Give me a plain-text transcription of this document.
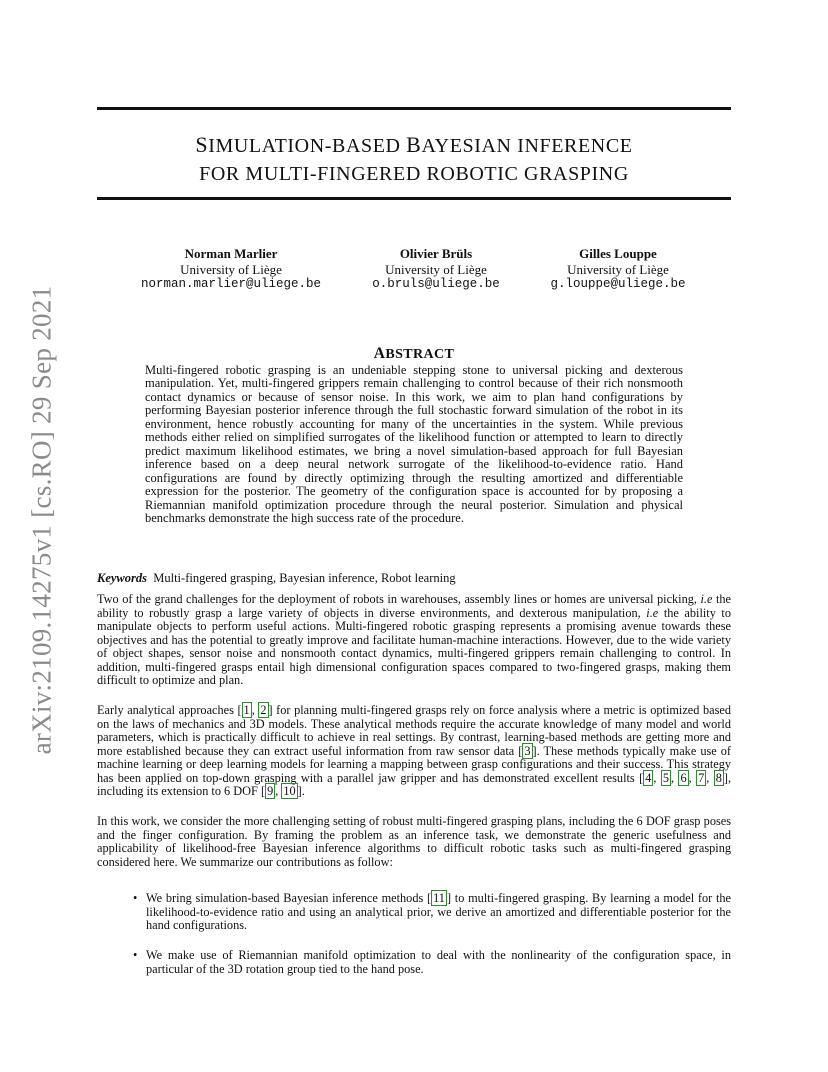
arXiv:2109.14275v1 [cs.RO] 29 Sep 2021
SIMULATION-BASED BAYESIAN INFERENCE
FOR MULTI-FINGERED ROBOTIC GRASPING
Norman Marlier
University of Liège
norman.marlier@uliege.be
Olivier Brüls
University of Liège
o.bruls@uliege.be
Gilles Louppe
University of Liège
g.louppe@uliege.be
ABSTRACT

Multi-fingered robotic grasping is an undeniable stepping stone to universal picking and dexterous manipulation. Yet, multi-fingered grippers remain challenging to control because of their rich nonsmooth contact dynamics or because of sensor noise. In this work, we aim to plan hand configurations by performing Bayesian posterior inference through the full stochastic forward simulation of the robot in its environment, hence robustly accounting for many of the uncertainties in the system. While previous methods either relied on simplified surrogates of the likelihood function or attempted to learn to directly predict maximum likelihood estimates, we bring a novel simulation-based approach for full Bayesian inference based on a deep neural network surrogate of the likelihood-to-evidence ratio. Hand configurations are found by directly optimizing through the resulting amortized and differentiable expression for the posterior. The geometry of the configuration space is accounted for by proposing a Riemannian manifold optimization procedure through the neural posterior. Simulation and physical benchmarks demonstrate the high success rate of the procedure.

Keywords Multi-fingered grasping, Bayesian inference, Robot learning

Two of the grand challenges for the deployment of robots in warehouses, assembly lines or homes are universal picking, i.e the ability to robustly grasp a large variety of objects in diverse environments, and dexterous manipulation, i.e the ability to manipulate objects to perform useful actions. Multi-fingered robotic grasping represents a promising avenue towards these objectives and has the potential to greatly improve and facilitate human-machine interactions. However, due to the wide variety of object shapes, sensor noise and nonsmooth contact dynamics, multi-fingered grippers remain challenging to control. In addition, multi-fingered grasps entail high dimensional configuration spaces compared to two-fingered grasps, making them difficult to optimize and plan.

Early analytical approaches [ 1 , 2 ] for planning multi-fingered grasps rely on force analysis where a metric is optimized based on the laws of mechanics and 3D models. These analytical methods require the accurate knowledge of many model and world parameters, which is practically difficult to achieve in real settings. By contrast, learning-based methods are getting more and more established because they can extract useful information from raw sensor data [ 3 ]. These methods typically make use of machine learning or deep learning models for learning a mapping between grasp configurations and their success. This strategy has been applied on top-down grasping with a parallel jaw gripper and has demonstrated excellent results [ 4 , 5 , 6 , 7 , 8 ], including its extension to 6 DOF [ 9 , 10 ].

In this work, we consider the more challenging setting of robust multi-fingered grasping plans, including the 6 DOF grasp poses and the finger configuration. By framing the problem as an inference task, we demonstrate the generic usefulness and applicability of likelihood-free Bayesian inference algorithms to difficult robotic tasks such as multi-fingered grasping considered here. We summarize our contributions as follow:

• We bring simulation-based Bayesian inference methods [ 11 ] to multi-fingered grasping. By learning a model for the likelihood-to-evidence ratio and using an analytical prior, we derive an amortized and differentiable posterior for the hand configurations.
• We make use of Riemannian manifold optimization to deal with the nonlinearity of the configuration space, in particular of the 3D rotation group tied to the hand pose.
